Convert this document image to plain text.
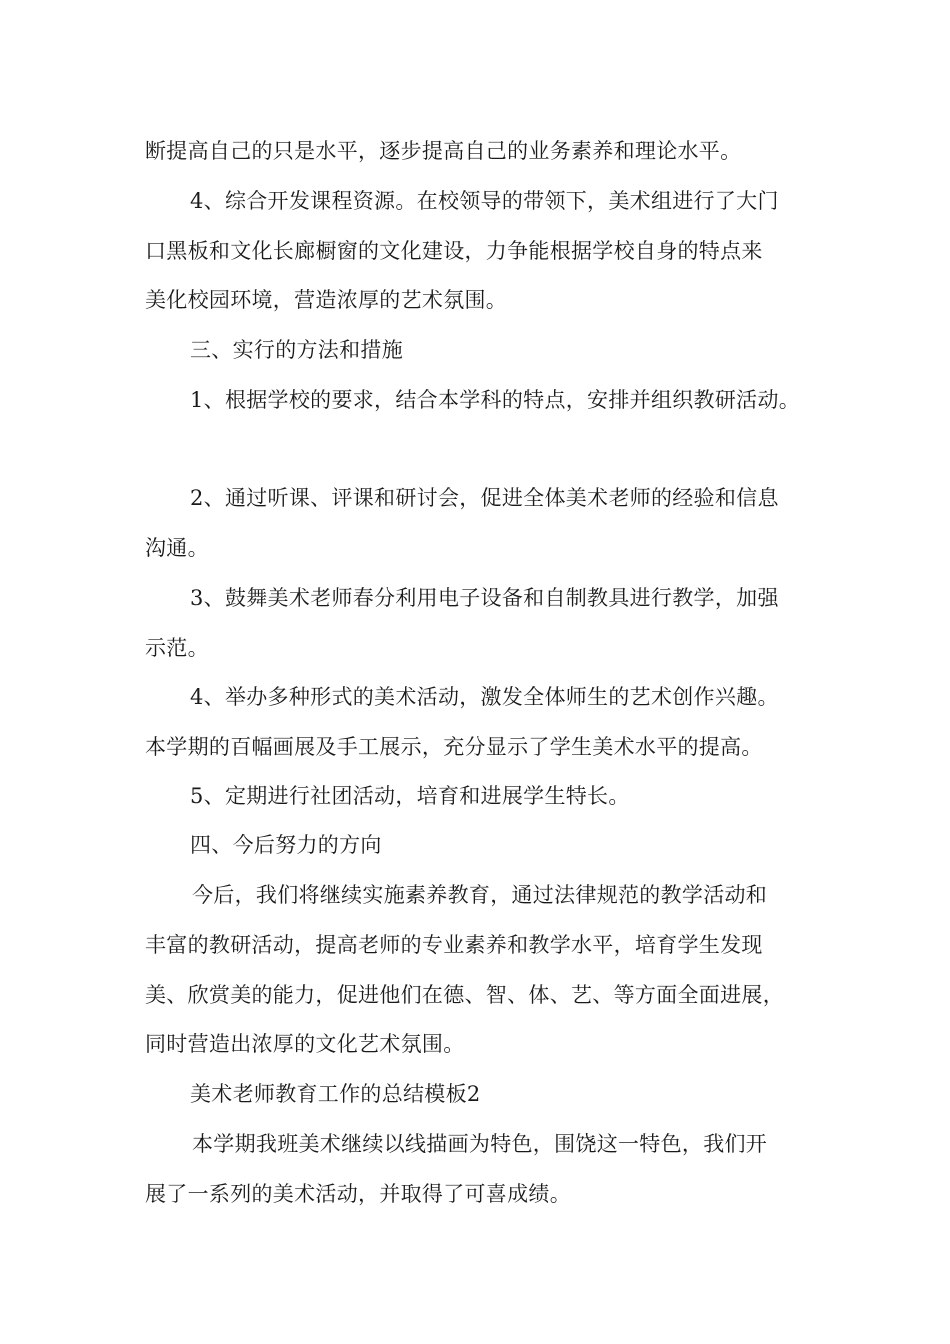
断提高自己的只是水平，逐步提高自己的业务素养和理论水平。
4、综合开发课程资源。在校领导的带领下，美术组进行了大门
口黑板和文化长廊橱窗的文化建设，力争能根据学校自身的特点来
美化校园环境，营造浓厚的艺术氛围。
三、实行的方法和措施
1、根据学校的要求，结合本学科的特点，安排并组织教研活动。
2、通过听课、评课和研讨会，促进全体美术老师的经验和信息
沟通。
3、鼓舞美术老师春分利用电子设备和自制教具进行教学，加强
示范。
4、举办多种形式的美术活动，激发全体师生的艺术创作兴趣。
本学期的百幅画展及手工展示，充分显示了学生美术水平的提高。
5、定期进行社团活动，培育和进展学生特长。
四、今后努力的方向
今后，我们将继续实施素养教育，通过法律规范的教学活动和
丰富的教研活动，提高老师的专业素养和教学水平，培育学生发现
美、欣赏美的能力，促进他们在德、智、体、艺、等方面全面进展，
同时营造出浓厚的文化艺术氛围。
美术老师教育工作的总结模板2
本学期我班美术继续以线描画为特色，围饶这一特色，我们开
展了一系列的美术活动，并取得了可喜成绩。
